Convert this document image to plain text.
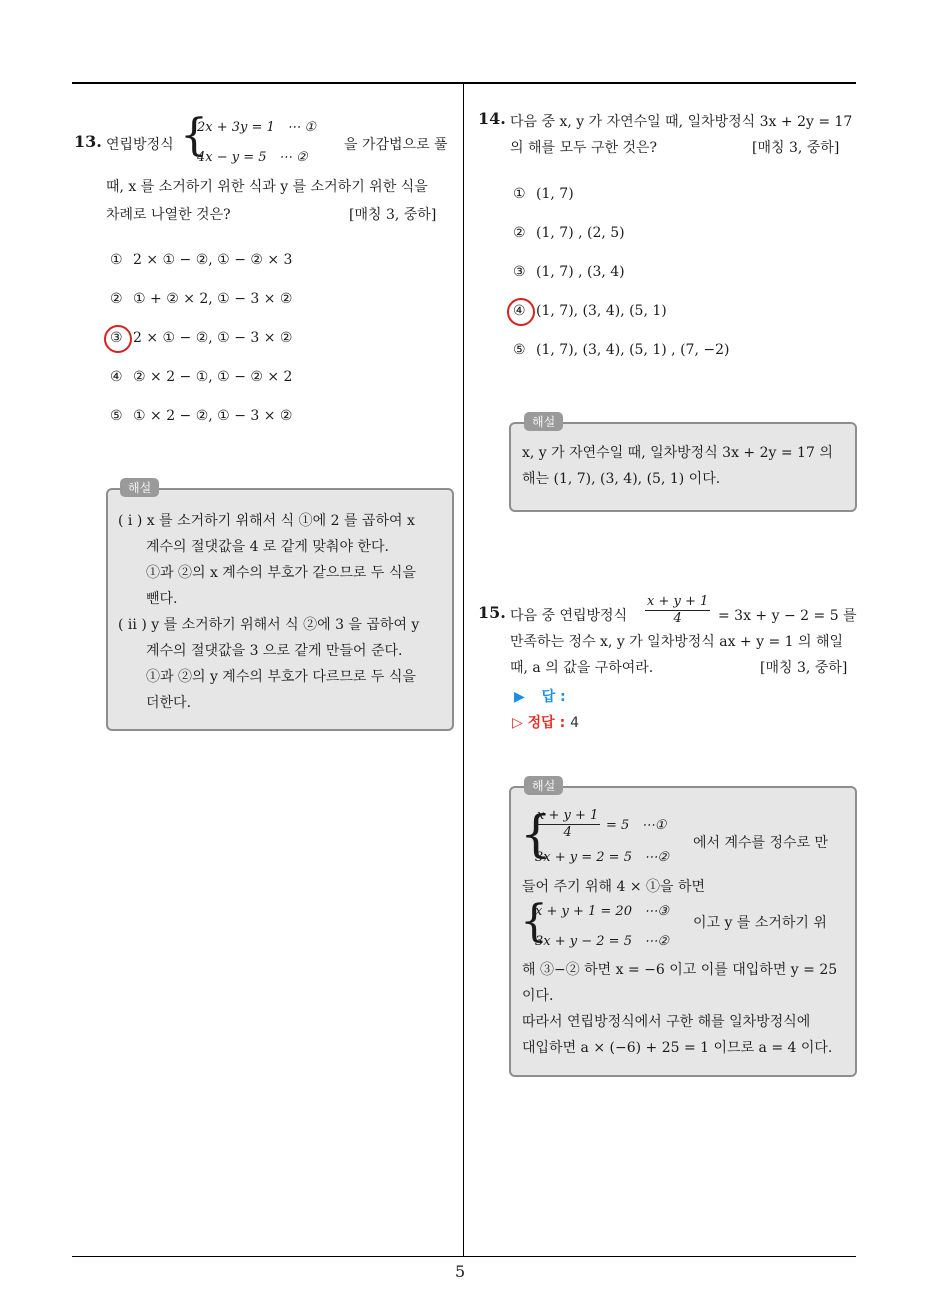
5
13. 연립방정식 {
2x + 3y = 1   ⋯ ①
4x − y = 5   ⋯ ②
을 가감법으로 풀
때, x 를 소거하기 위한 식과 y 를 소거하기 위한 식을
차례로 나열한 것은?	[매칭 3, 중하]
① 2 × ① − ②, ① − ② × 3
② ① + ② × 2, ① − 3 × ②
③ 2 × ① − ②, ① − 3 × ②
④ ② × 2 − ①, ① − ② × 2
⑤ ① × 2 − ②, ① − 3 × ②
해설
( i ) x 를 소거하기 위해서 식 ①에 2 를 곱하여 x
계수의 절댓값을 4 로 같게 맞춰야 한다.
①과 ②의 x 계수의 부호가 같으므로 두 식을
뺀다.
( ii ) y 를 소거하기 위해서 식 ②에 3 을 곱하여 y
계수의 절댓값을 3 으로 같게 만들어 준다.
①과 ②의 y 계수의 부호가 다르므로 두 식을
더한다.
14. 다음 중 x, y 가 자연수일 때, 일차방정식 3x + 2y = 17
의 해를 모두 구한 것은?	[매칭 3, 중하]
① (1, 7)
② (1, 7) , (2, 5)
③ (1, 7) , (3, 4)
④ (1, 7), (3, 4), (5, 1)
⑤ (1, 7), (3, 4), (5, 1) , (7, −2)
해설
x, y 가 자연수일 때, 일차방정식 3x + 2y = 17 의
해는 (1, 7), (3, 4), (5, 1) 이다.
15. 다음 중 연립방정식 $\frac{x + y + 1}{4} = 3x + y - 2 = 5$ 를
만족하는 정수 x, y 가 일차방정식 ax + y = 1 의 해일
때, a 의 값을 구하여라.	[매칭 3, 중하]
▶ 답 :
▷ 정답 : 4
해설
{
$\frac{x + y + 1}{4} = 5$   ⋯①
3x + y = 2 = 5   ⋯②
에서 계수를 정수로 만
들어 주기 위해 4 × ①을 하면
{
x + y + 1 = 20   ⋯③
3x + y − 2 = 5   ⋯②
이고 y 를 소거하기 위
해 ③−② 하면 x = −6 이고 이를 대입하면 y = 25
이다.
따라서 연립방정식에서 구한 해를 일차방정식에
대입하면 a × (−6) + 25 = 1 이므로 a = 4 이다.
